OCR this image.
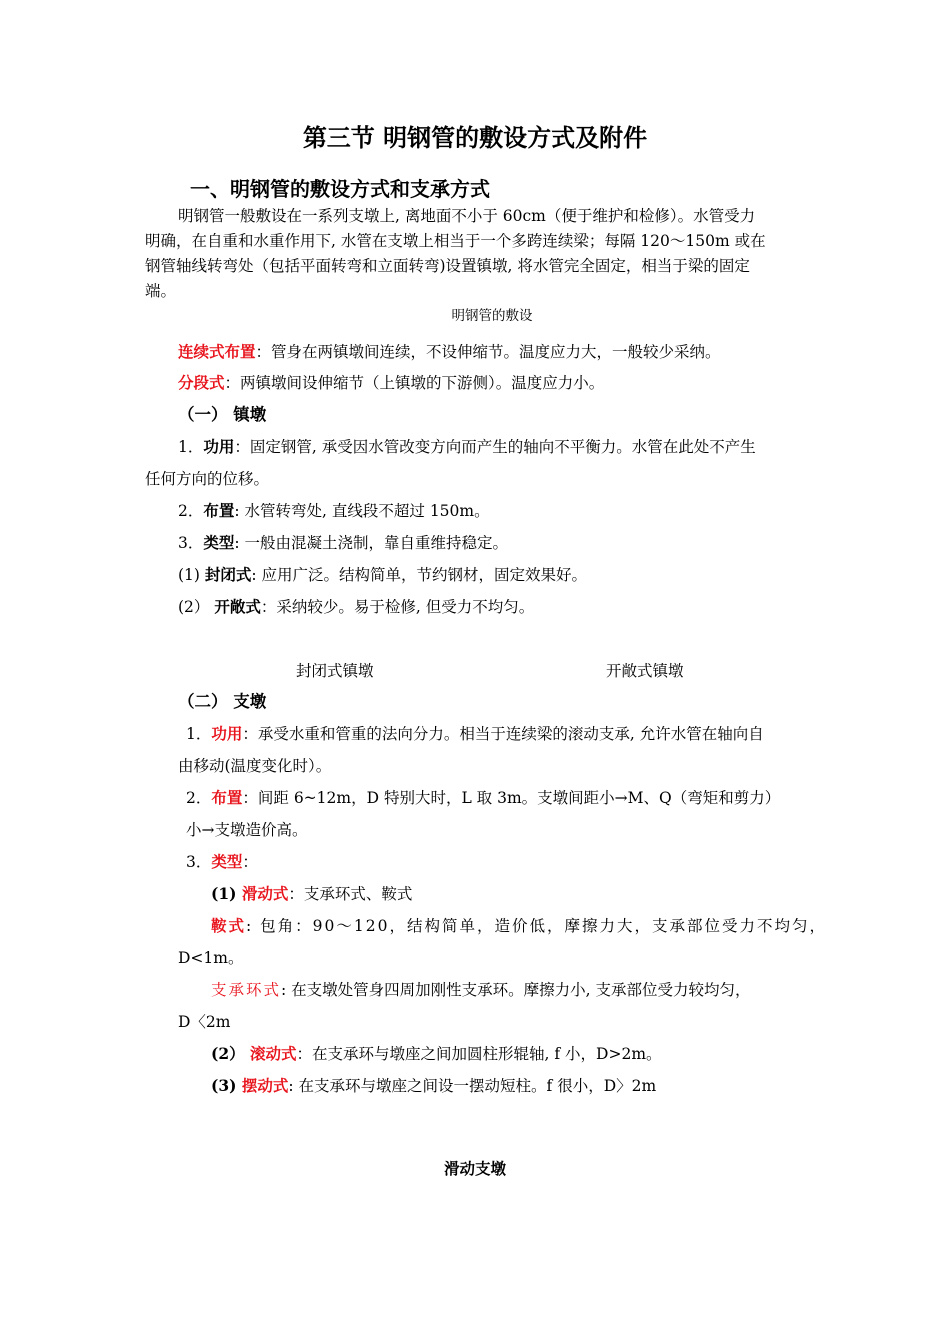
第三节 明钢管的敷设方式及附件
一、明钢管的敷设方式和支承方式
明钢管一般敷设在一系列支墩上, 离地面不小于 60cm（便于维护和检修）。水管受力
明确，在自重和水重作用下, 水管在支墩上相当于一个多跨连续梁；每隔 120～150m 或在
钢管轴线转弯处（包括平面转弯和立面转弯)设置镇墩, 将水管完全固定，相当于梁的固定
端。
明钢管的敷设
连续式布置：管身在两镇墩间连续，不设伸缩节。温度应力大，一般较少采纳。
分段式：两镇墩间设伸缩节（上镇墩的下游侧）。温度应力小。
（一） 镇墩
1．功用：固定钢管, 承受因水管改变方向而产生的轴向不平衡力。水管在此处不产生
任何方向的位移。
2．布置: 水管转弯处, 直线段不超过 150m。
3．类型: 一般由混凝土浇制，靠自重维持稳定。
(1) 封闭式: 应用广泛。结构简单，节约钢材，固定效果好。
(2） 开敞式：采纳较少。易于检修, 但受力不均匀。
封闭式镇墩	开敞式镇墩
（二） 支墩
1．功用：承受水重和管重的法向分力。相当于连续梁的滚动支承, 允许水管在轴向自
由移动(温度变化时）。
2．布置：间距 6~12m，D 特别大时，L 取 3m。支墩间距小→M、Q（弯矩和剪力）
小→支墩造价高。
3．类型：
(1) 滑动式：支承环式、鞍式
鞍式: 包角：90～120，结构简单，造价低，摩擦力大，支承部位受力不均匀，
D<1m。
支承环式: 在支墩处管身四周加刚性支承环。摩擦力小, 支承部位受力较均匀，
D〈2m
(2） 滚动式：在支承环与墩座之间加圆柱形辊轴, f 小，D>2m。
(3) 摆动式: 在支承环与墩座之间设一摆动短柱。f 很小，D〉2m
滑动支墩
